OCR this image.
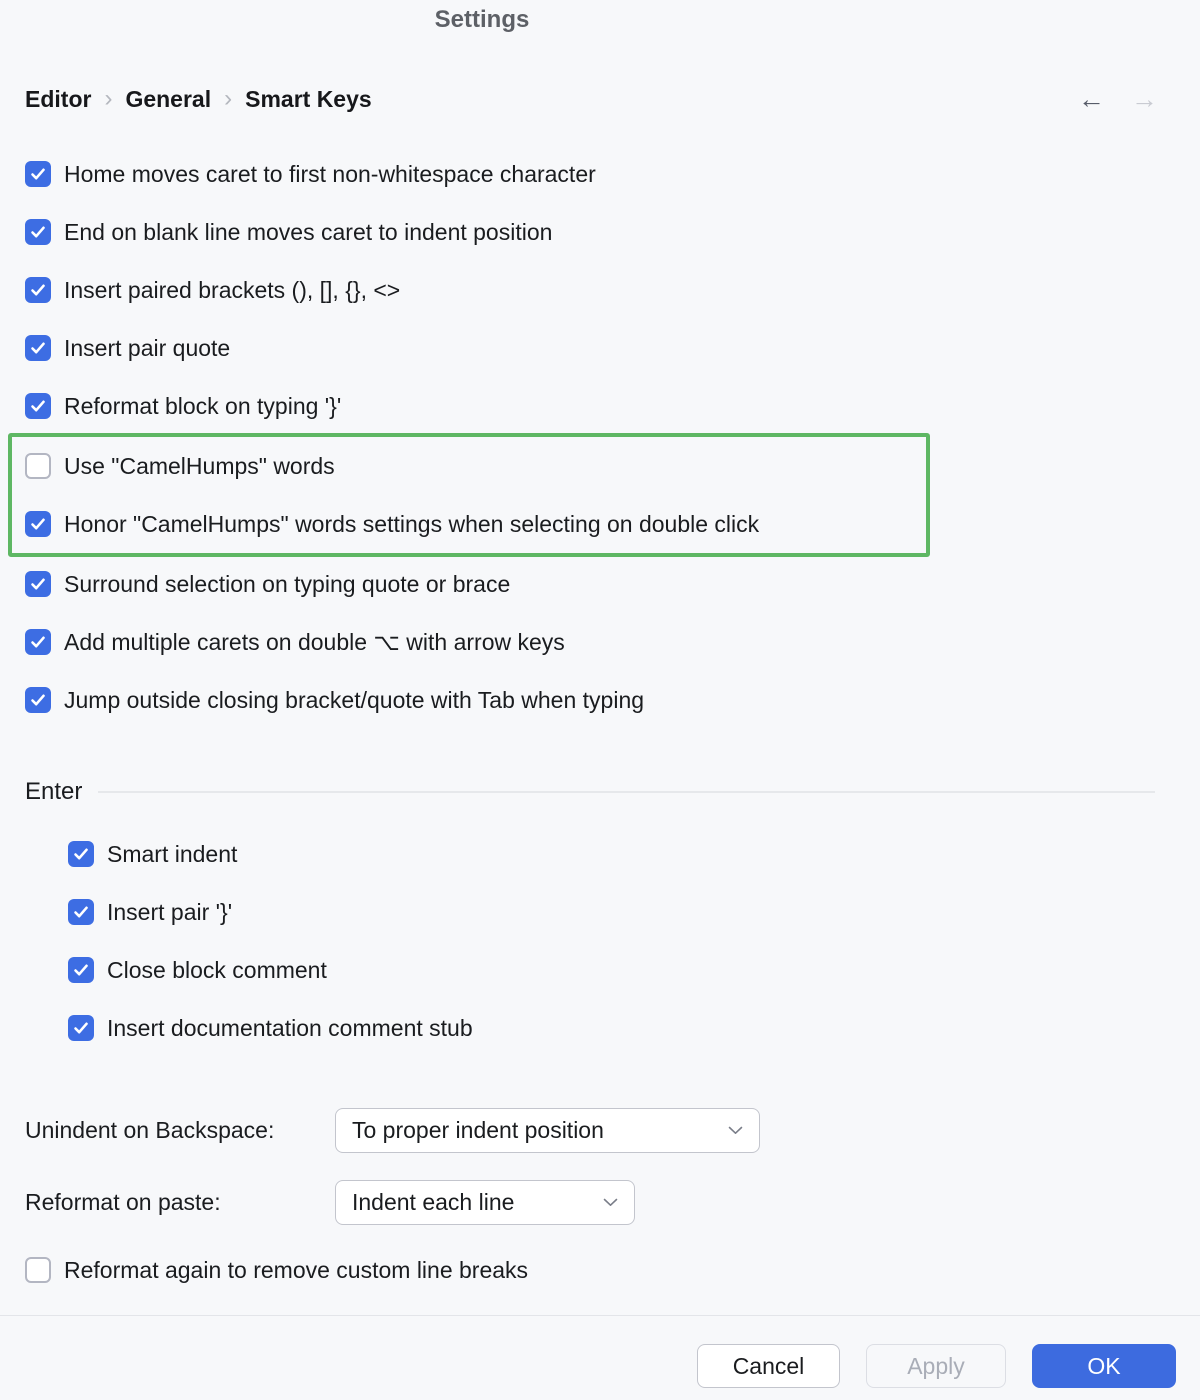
Settings
Editor › General › Smart Keys	← →
Home moves caret to first non-whitespace character
End on blank line moves caret to indent position
Insert paired brackets (), [], {}, <>
Insert pair quote
Reformat block on typing '}'
Use "CamelHumps" words
Honor "CamelHumps" words settings when selecting on double click
Surround selection on typing quote or brace
Add multiple carets on double ⌥ with arrow keys
Jump outside closing bracket/quote with Tab when typing
Enter
Smart indent
Insert pair '}'
Close block comment
Insert documentation comment stub
Unindent on Backspace:	To proper indent position
Reformat on paste:	Indent each line
Reformat again to remove custom line breaks
Cancel	Apply	OK
